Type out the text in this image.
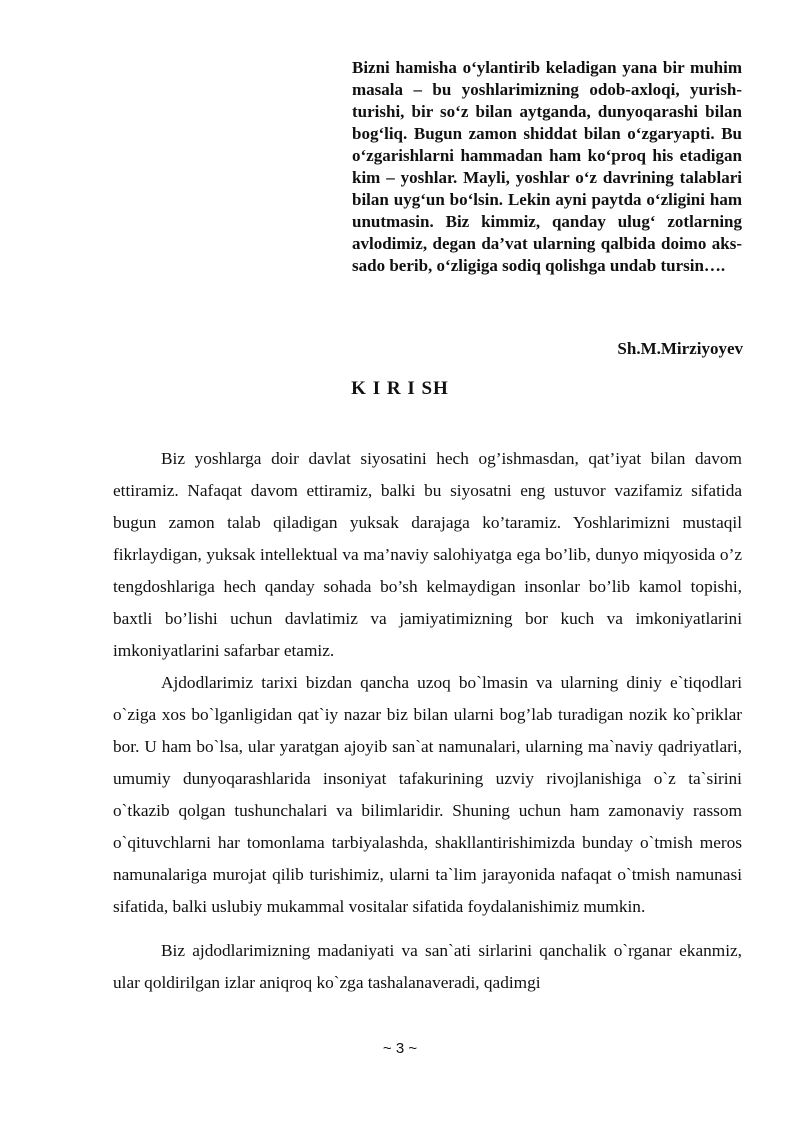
Bizni hamisha o‘ylantirib keladigan yana bir muhim masala – bu yoshlarimizning odob-axloqi, yurish-turishi, bir so‘z bilan aytganda, dunyoqarashi bilan bog‘liq. Bugun zamon shiddat bilan o‘zgaryapti. Bu o‘zgarishlarni hammadan ham ko‘proq his etadigan kim – yoshlar. Mayli, yoshlar o‘z davrining talablari bilan uyg‘un bo‘lsin. Lekin ayni paytda o‘zligini ham unutmasin. Biz kimmiz, qanday ulug‘ zotlarning avlodimiz, degan da’vat ularning qalbida doimo aks-sado berib, o‘zligiga sodiq qolishga undab tursin….
Sh.M.Mirziyoyev
K I R I SH

Biz yoshlarga doir davlat siyosatini hech og’ishmasdan, qat’iyat bilan davom ettiramiz. Nafaqat davom ettiramiz, balki bu siyosatni eng ustuvor vazifamiz sifatida bugun zamon talab qiladigan yuksak darajaga ko’taramiz. Yoshlarimizni mustaqil fikrlaydigan, yuksak intellektual va ma’naviy salohiyatga ega bo’lib, dunyo miqyosida o’z tengdoshlariga hech qanday sohada bo’sh kelmaydigan insonlar bo’lib kamol topishi, baxtli bo’lishi uchun davlatimiz va jamiyatimizning bor kuch va imkoniyatlarini imkoniyatlarini safarbar etamiz.

Ajdodlarimiz tarixi bizdan qancha uzoq bo`lmasin va ularning diniy e`tiqodlari o`ziga xos bo`lganligidan qat`iy nazar biz bilan ularni bog’lab turadigan nozik ko`priklar bor. U ham bo`lsa, ular yaratgan ajoyib san`at namunalari, ularning ma`naviy qadriyatlari, umumiy dunyoqarashlarida insoniyat tafakurining uzviy rivojlanishiga o`z ta`sirini o`tkazib qolgan tushunchalari va bilimlaridir. Shuning uchun ham zamonaviy rassom o`qituvchlarni har tomonlama tarbiyalashda, shakllantirishimizda bunday o`tmish meros namunalariga murojat qilib turishimiz, ularni ta`lim jarayonida nafaqat o`tmish namunasi sifatida, balki uslubiy mukammal vositalar sifatida foydalanishimiz mumkin.

Biz ajdodlarimizning madaniyati va san`ati sirlarini qanchalik o`rganar ekanmiz, ular qoldirilgan izlar aniqroq ko`zga tashalanaveradi, qadimgi

~ 3 ~
